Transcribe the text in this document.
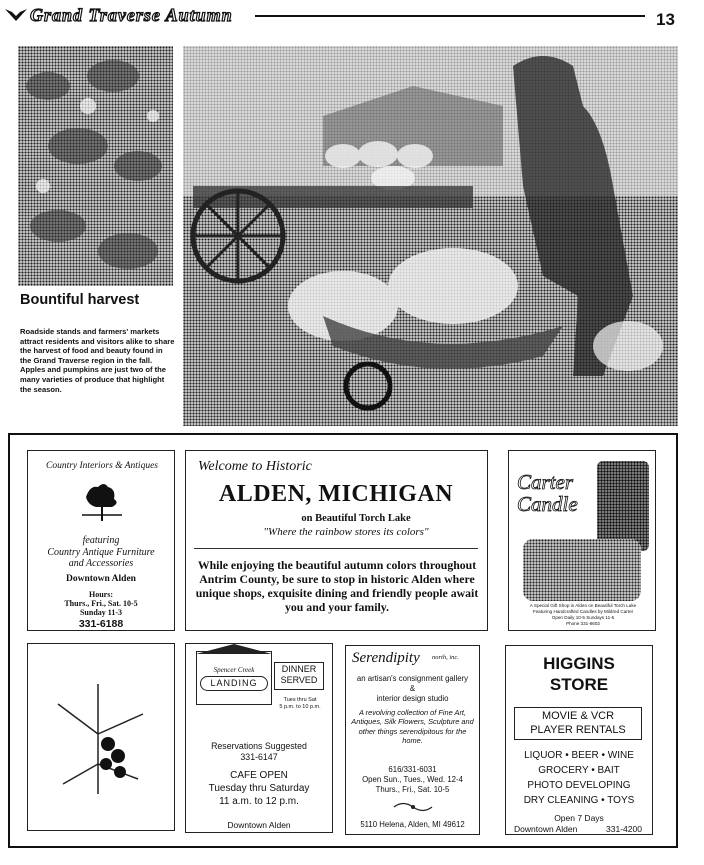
Grand Traverse Autumn	13
Bountiful harvest
Roadside stands and farmers' markets attract residents and visitors alike to share the harvest of food and beauty found in the Grand Traverse region in the fall. Apples and pumpkins are just two of the many varieties of produce that highlight the season.
Country Interiors & Antiques
featuring
Country Antique Furniture
and Accessories
Downtown Alden
Hours:
Thurs., Fri., Sat. 10-5
Sunday 11-3
331-6188
Welcome to Historic
ALDEN, MICHIGAN
on Beautiful Torch Lake
"Where the rainbow stores its colors"
While enjoying the beautiful autumn colors throughout Antrim County, be sure to stop in historic Alden where unique shops, exquisite dining and friendly people await you and your family.
Carter Candle
A Special Gift Shop in Alden on Beautiful Torch Lake
Featuring Handcrafted Candles by Mildred Carter
Open Daily 10-5 Sundays 11-5
Phone 331-6602
Spencer Creek
LANDING
DINNER
SERVED
Tues thru Sat
5 p.m. to 10 p.m.
Reservations Suggested
331-6147
CAFE OPEN
Tuesday thru Saturday
11 a.m. to 12 p.m.
Downtown Alden
Serendipity north, inc.
an artisan's consignment gallery
&
interior design studio
A revolving collection of Fine Art, Antiques, Silk Flowers, Sculpture and other things serendipitous for the home.
616/331-6031
Open Sun., Tues., Wed. 12-4
Thurs., Fri., Sat. 10-5
5110 Helena, Alden, MI 49612
HIGGINS
STORE
MOVIE & VCR
PLAYER RENTALS
LIQUOR • BEER • WINE
GROCERY • BAIT
PHOTO DEVELOPING
DRY CLEANING • TOYS
Open 7 Days
Downtown Alden	331-4200
